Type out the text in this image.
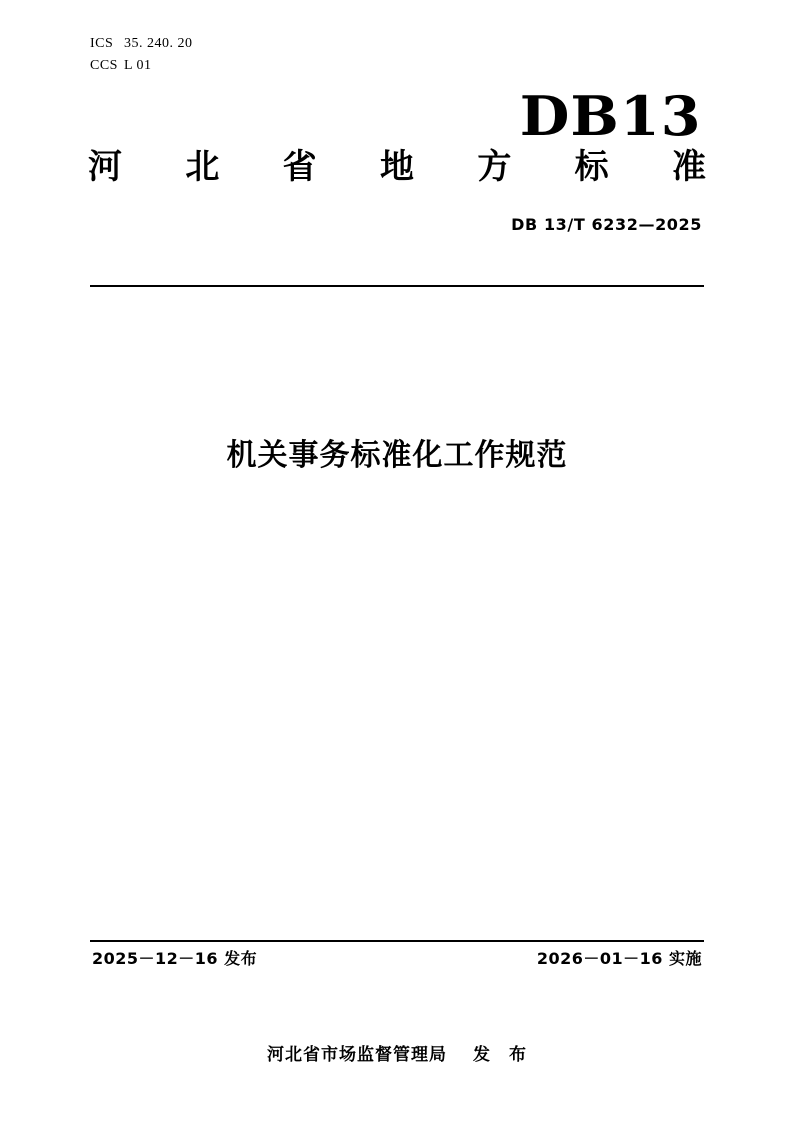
ICS 35. 240. 20
CCS L 01
DB13
河 北 省 地 方 标 准
DB 13/T 6232—2025
机关事务标准化工作规范
2025－12－16 发布	2026－01－16 实施
河北省市场监督管理局 发　布
